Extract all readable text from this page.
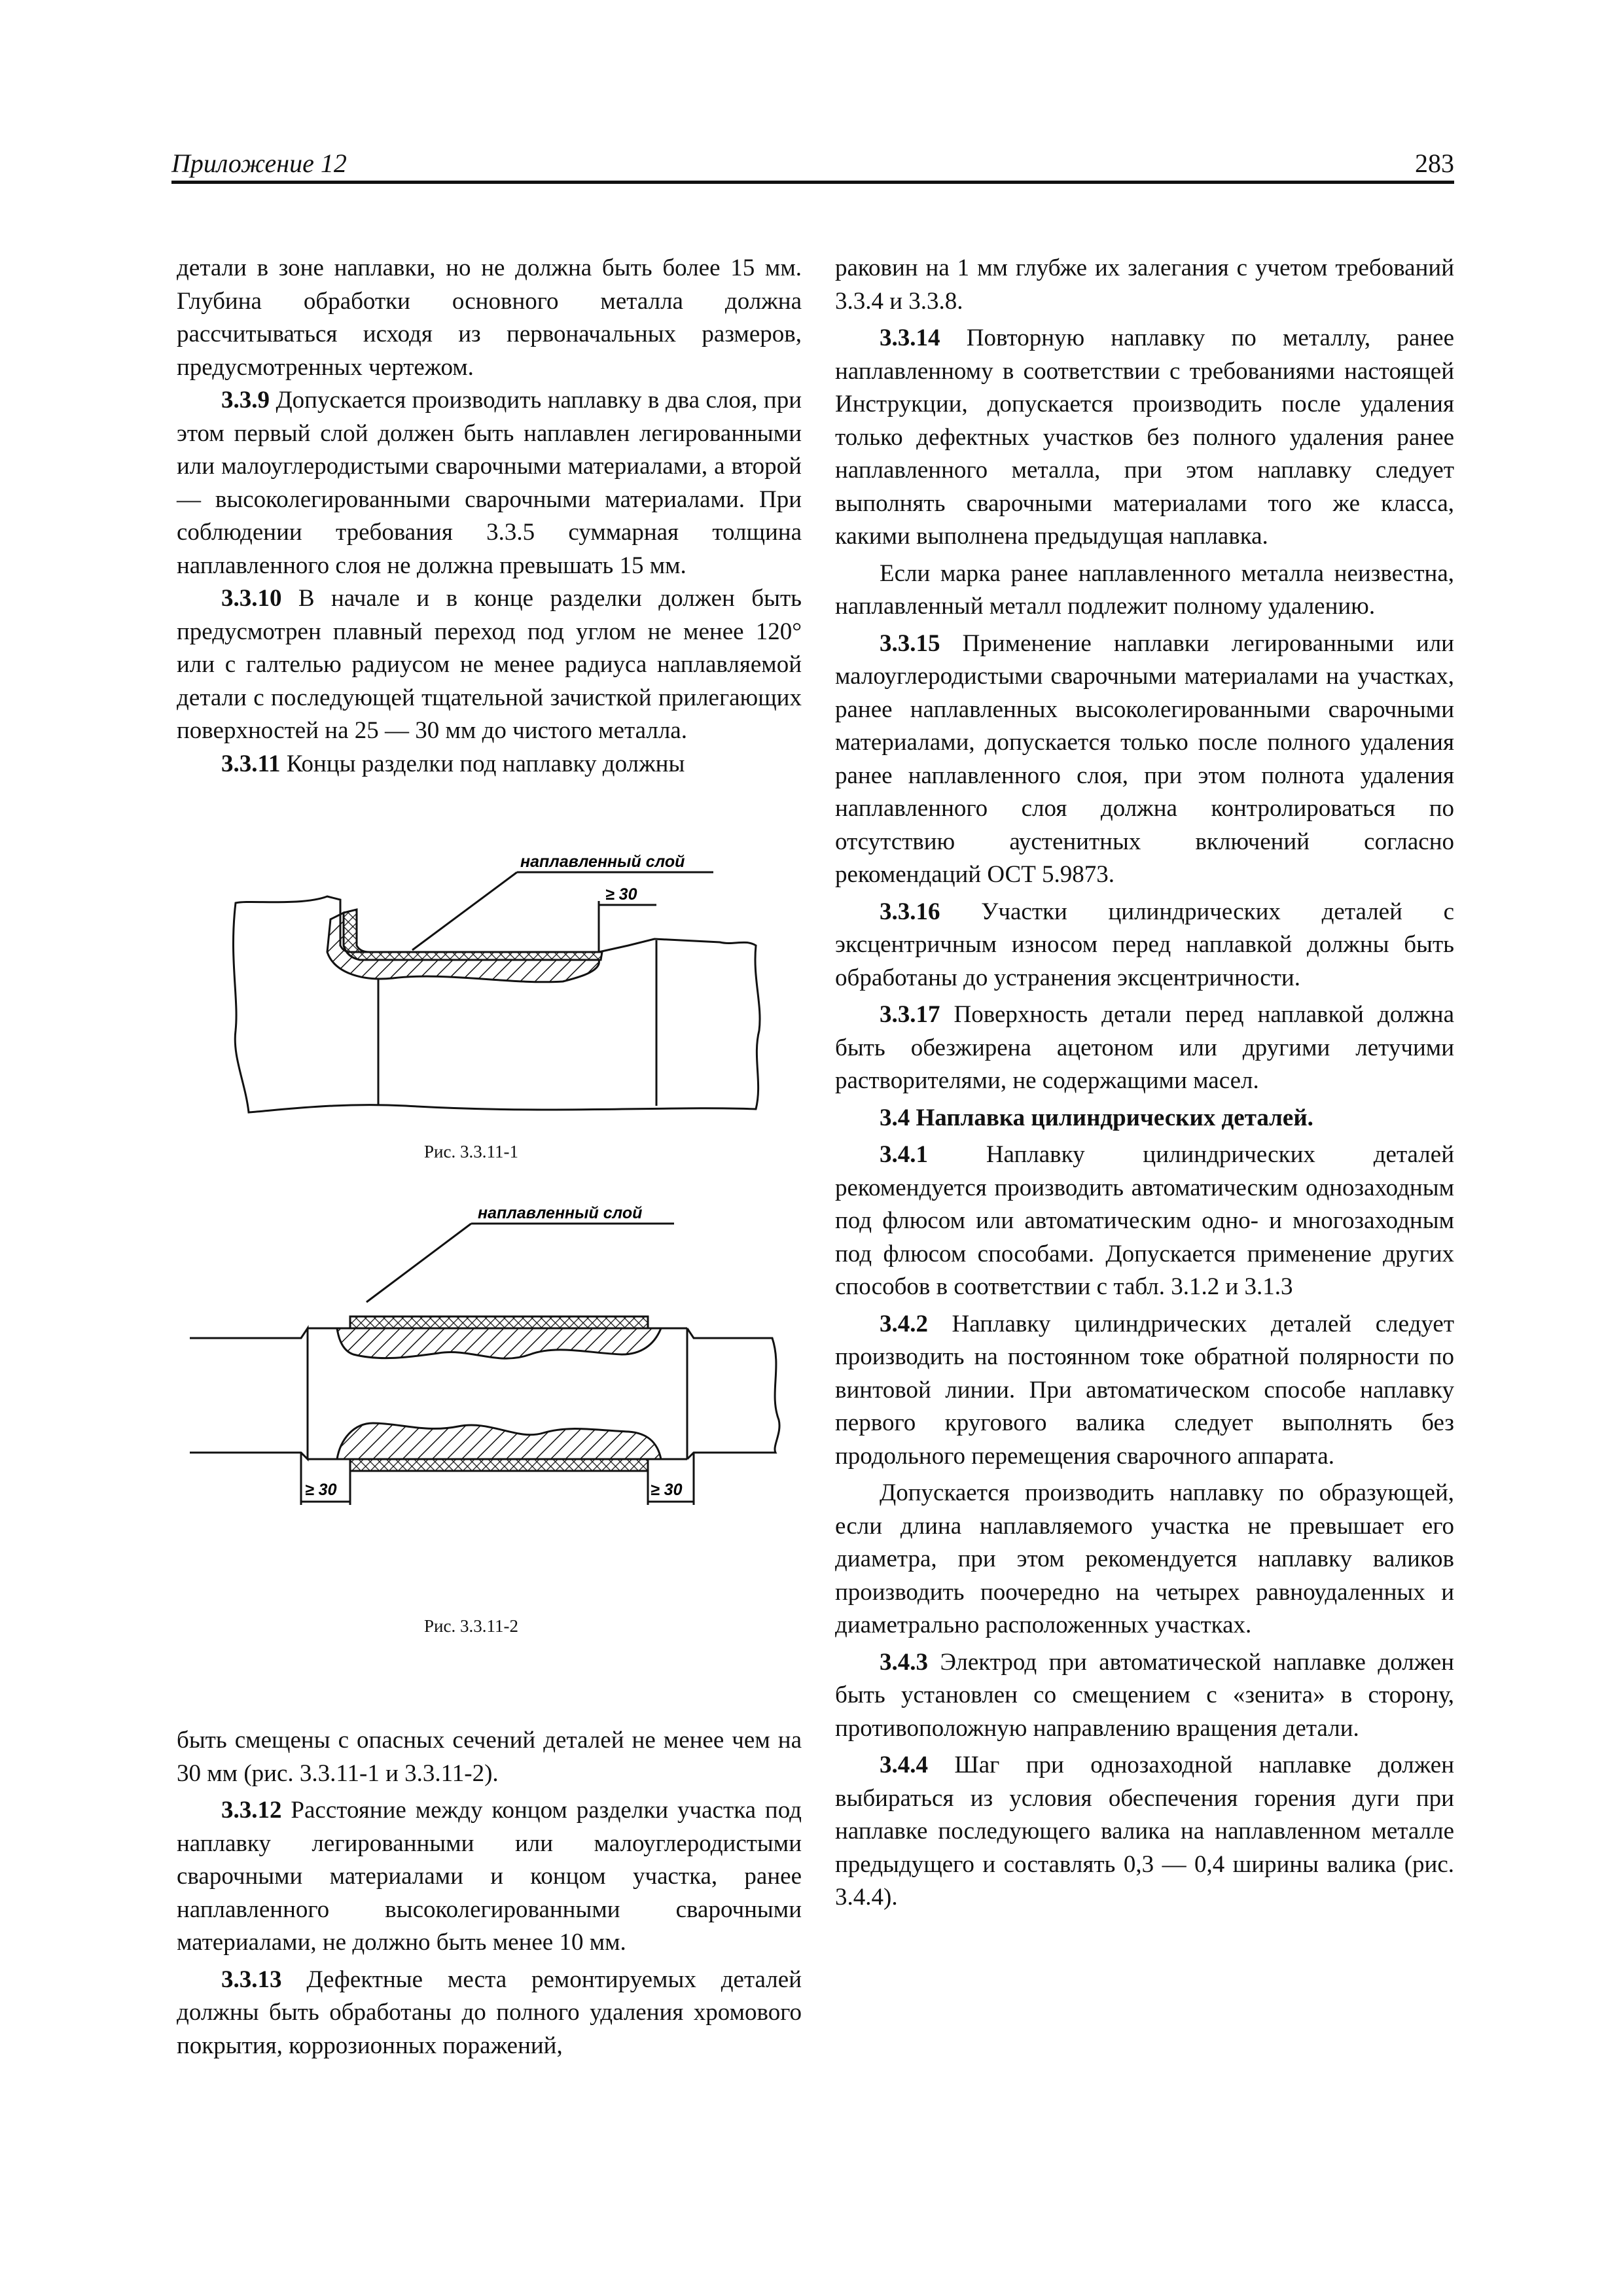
Приложение 12	283

детали в зоне наплавки, но не должна быть более 15 мм. Глубина обработки основного металла должна рассчитываться исходя из первоначальных размеров, предусмотренных чертежом.

3.3.9 Допускается производить наплавку в два слоя, при этом первый слой должен быть наплавлен легированными или малоуглеродистыми сварочными материалами, а второй — высоколегированными сварочными материалами. При соблюдении требования 3.3.5 суммарная толщина наплавленного слоя не должна превышать 15 мм.

3.3.10 В начале и в конце разделки должен быть предусмотрен плавный переход под углом не менее 120° или с галтелью радиусом не менее радиуса наплавляемой детали с последующей тщательной зачисткой прилегающих поверхностей на 25 — 30 мм до чистого металла.

3.3.11 Концы разделки под наплавку должны

≥ 30
наплавленный слой
Рис. 3.3.11-1
наплавленный слой
≥ 30	≥ 30
Рис. 3.3.11-2

быть смещены с опасных сечений деталей не менее чем на 30 мм (рис. 3.3.11-1 и 3.3.11-2).

3.3.12 Расстояние между концом разделки участка под наплавку легированными или малоуглеродистыми сварочными материалами и концом участка, ранее наплавленного высоколегированными сварочными материалами, не должно быть менее 10 мм.

3.3.13 Дефектные места ремонтируемых деталей должны быть обработаны до полного удаления хромового покрытия, коррозионных поражений,

раковин на 1 мм глубже их залегания с учетом требований 3.3.4 и 3.3.8.

3.3.14 Повторную наплавку по металлу, ранее наплавленному в соответствии с требованиями настоящей Инструкции, допускается производить после удаления только дефектных участков без полного удаления ранее наплавленного металла, при этом наплавку следует выполнять сварочными материалами того же класса, какими выполнена предыдущая наплавка.

Если марка ранее наплавленного металла неизвестна, наплавленный металл подлежит полному удалению.

3.3.15 Применение наплавки легированными или малоуглеродистыми сварочными материалами на участках, ранее наплавленных высоколегированными сварочными материалами, допускается только после полного удаления ранее наплавленного слоя, при этом полнота удаления наплавленного слоя должна контролироваться по отсутствию аустенитных включений согласно рекомендаций ОСТ 5.9873.

3.3.16 Участки цилиндрических деталей с эксцентричным износом перед наплавкой должны быть обработаны до устранения эксцентричности.

3.3.17 Поверхность детали перед наплавкой должна быть обезжирена ацетоном или другими летучими растворителями, не содержащими масел.

3.4 Наплавка цилиндрических деталей.

3.4.1 Наплавку цилиндрических деталей рекомендуется производить автоматическим однозаходным под флюсом или автоматическим одно- и многозаходным под флюсом способами. Допускается применение других способов в соответствии с табл. 3.1.2 и 3.1.3

3.4.2 Наплавку цилиндрических деталей следует производить на постоянном токе обратной полярности по винтовой линии. При автоматическом способе наплавку первого кругового валика следует выполнять без продольного перемещения сварочного аппарата.

Допускается производить наплавку по образующей, если длина наплавляемого участка не превышает его диаметра, при этом рекомендуется наплавку валиков производить поочередно на четырех равноудаленных и диаметрально расположенных участках.

3.4.3 Электрод при автоматической наплавке должен быть установлен со смещением с «зенита» в сторону, противоположную направлению вращения детали.

3.4.4 Шаг при однозаходной наплавке должен выбираться из условия обеспечения горения дуги при наплавке последующего валика на наплавленном металле предыдущего и составлять 0,3 — 0,4 ширины валика (рис. 3.4.4).
